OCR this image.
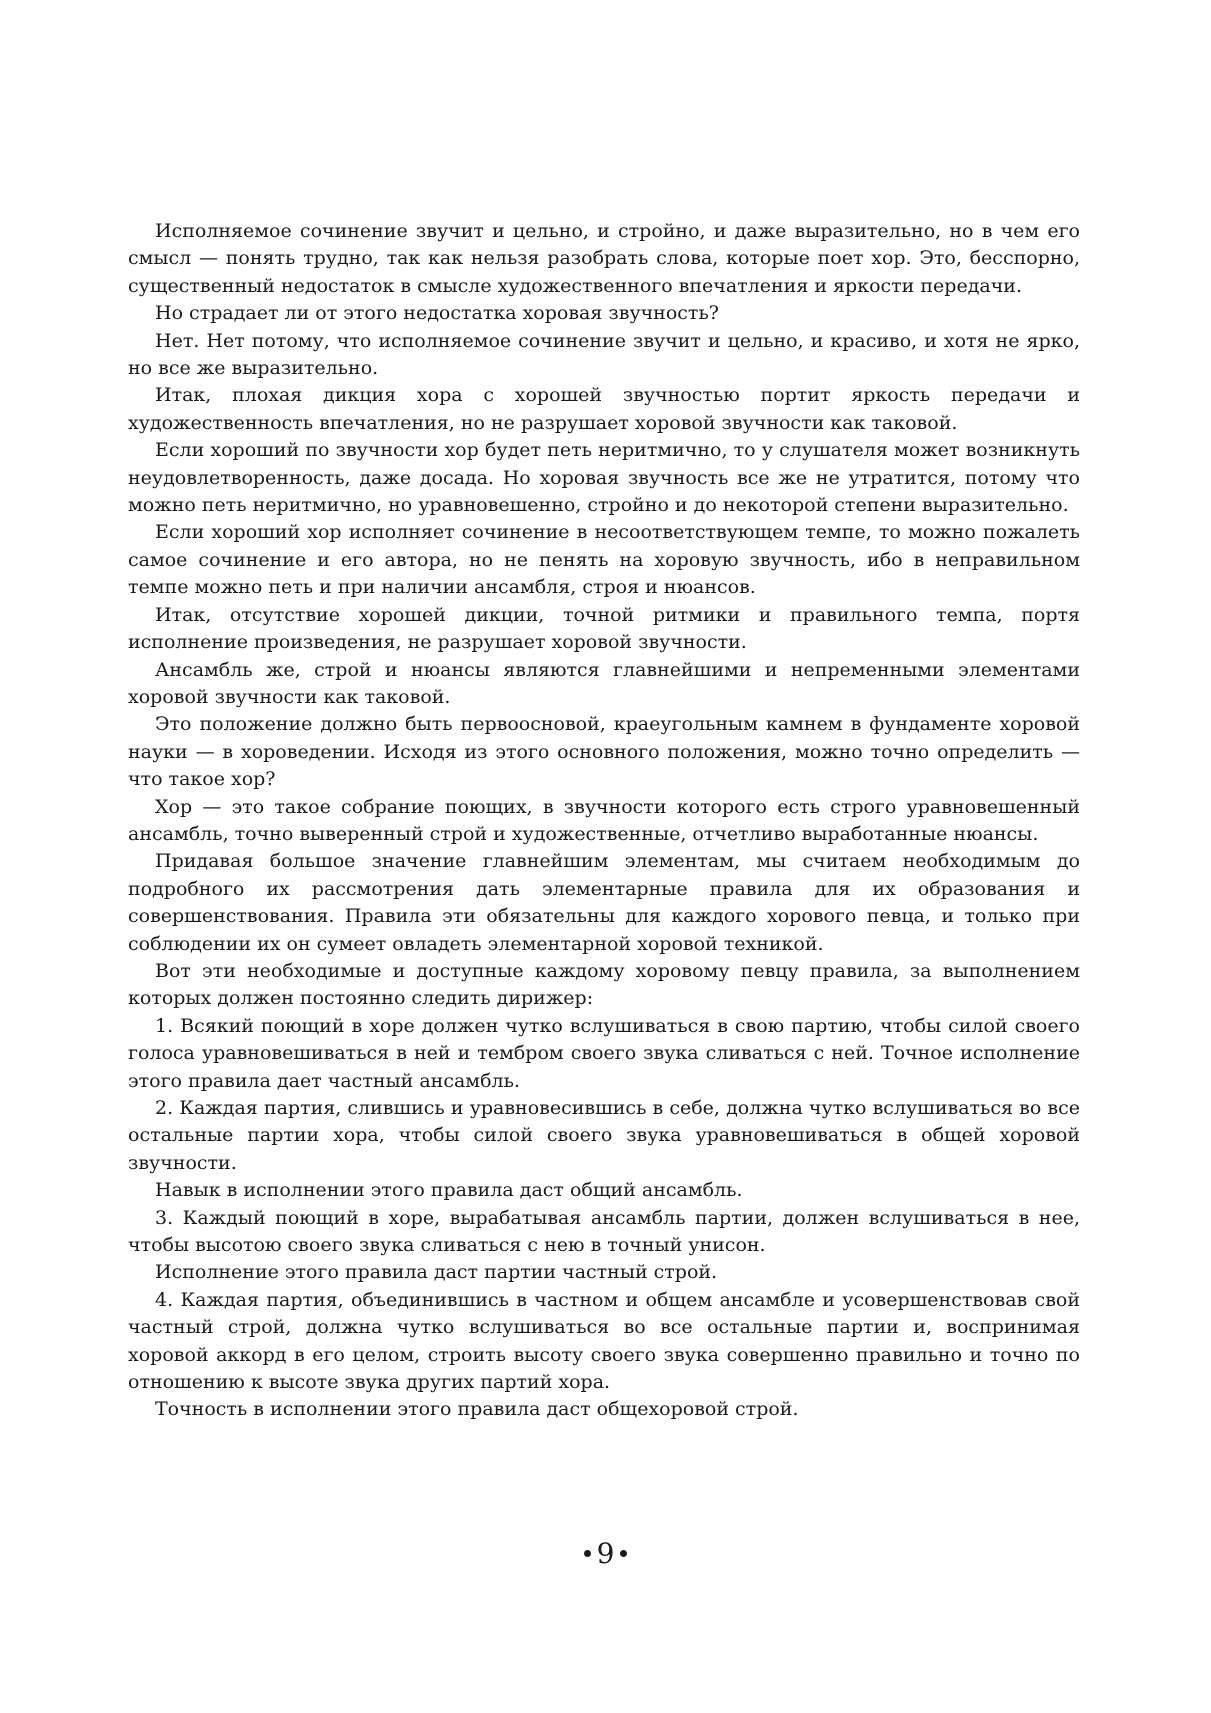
Исполняемое сочинение звучит и цельно, и стройно, и даже выразительно, но в чем его смысл — понять трудно, так как нельзя разобрать слова, которые поет хор. Это, бесспорно, существенный недостаток в смысле художественного впечатления и яркости передачи.

Но страдает ли от этого недостатка хоровая звучность?

Нет. Нет потому, что исполняемое сочинение звучит и цельно, и красиво, и хотя не ярко, но все же выразительно.

Итак, плохая дикция хора с хорошей звучностью портит яркость передачи и художественность впечатления, но не разрушает хоровой звучности как таковой.

Если хороший по звучности хор будет петь неритмично, то у слушателя может возникнуть неудовлетворенность, даже досада. Но хоровая звучность все же не утратится, потому что можно петь неритмично, но уравновешенно, стройно и до некоторой степени выразительно.

Если хороший хор исполняет сочинение в несоответствующем темпе, то можно пожалеть самое сочинение и его автора, но не пенять на хоровую звучность, ибо в неправильном темпе можно петь и при наличии ансамбля, строя и нюансов.

Итак, отсутствие хорошей дикции, точной ритмики и правильного темпа, портя исполнение произведения, не разрушает хоровой звучности.

Ансамбль же, строй и нюансы являются главнейшими и непременными элементами хоровой звучности как таковой.

Это положение должно быть первоосновой, краеугольным камнем в фундаменте хоровой науки — в хороведении. Исходя из этого основного положения, можно точно определить — что такое хор?

Хор — это такое собрание поющих, в звучности которого есть строго уравновешенный ансамбль, точно выверенный строй и художественные, отчетливо выработанные нюансы.

Придавая большое значение главнейшим элементам, мы считаем необходимым до подробного их рассмотрения дать элементарные правила для их образования и совершенствования. Правила эти обязательны для каждого хорового певца, и только при соблюдении их он сумеет овладеть элементарной хоровой техникой.

Вот эти необходимые и доступные каждому хоровому певцу правила, за выполнением которых должен постоянно следить дирижер:

1. Всякий поющий в хоре должен чутко вслушиваться в свою партию, чтобы силой своего голоса уравновешиваться в ней и тембром своего звука сливаться с ней. Точное исполнение этого правила дает частный ансамбль.

2. Каждая партия, слившись и уравновесившись в себе, должна чутко вслушиваться во все остальные партии хора, чтобы силой своего звука уравновешиваться в общей хоровой звучности.

Навык в исполнении этого правила даст общий ансамбль.

3. Каждый поющий в хоре, вырабатывая ансамбль партии, должен вслушиваться в нее, чтобы высотою своего звука сливаться с нею в точный унисон.

Исполнение этого правила даст партии частный строй.

4. Каждая партия, объединившись в частном и общем ансамбле и усовершенствовав свой частный строй, должна чутко вслушиваться во все остальные партии и, воспринимая хоровой аккорд в его целом, строить высоту своего звука совершенно правильно и точно по отношению к высоте звука других партий хора.

Точность в исполнении этого правила даст общехоровой строй.

9
